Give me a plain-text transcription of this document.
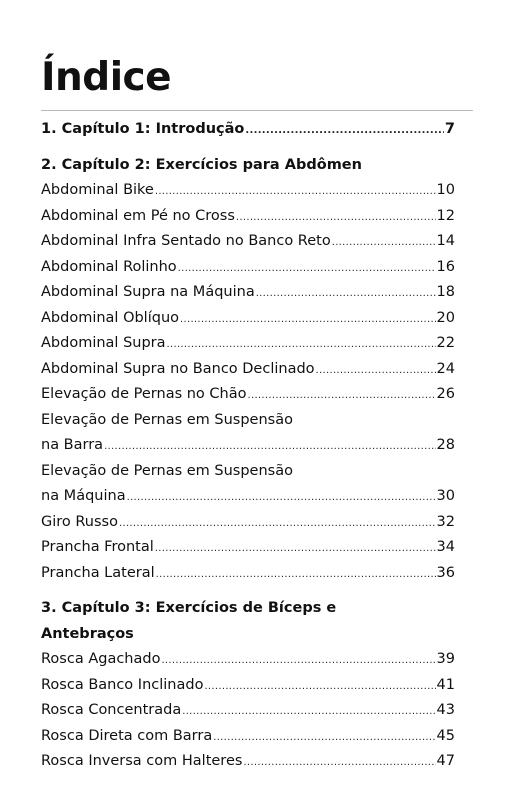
Índice
1. Capítulo 1: Introdução .....	7
2. Capítulo 2: Exercícios para Abdômen
Abdominal Bike .....	10
Abdominal em Pé no Cross .....	12
Abdominal Infra Sentado no Banco Reto .....	14
Abdominal Rolinho .....	16
Abdominal Supra na Máquina .....	18
Abdominal Oblíquo .....	20
Abdominal Supra .....	22
Abdominal Supra no Banco Declinado .....	24
Elevação de Pernas no Chão .....	26
Elevação de Pernas em Suspensão
na Barra .....	28
Elevação de Pernas em Suspensão
na Máquina .....	30
Giro Russo .....	32
Prancha Frontal .....	34
Prancha Lateral .....	36
3. Capítulo 3: Exercícios de Bíceps e
Antebraços
Rosca Agachado .....	39
Rosca Banco Inclinado .....	41
Rosca Concentrada .....	43
Rosca Direta com Barra .....	45
Rosca Inversa com Halteres .....	47
